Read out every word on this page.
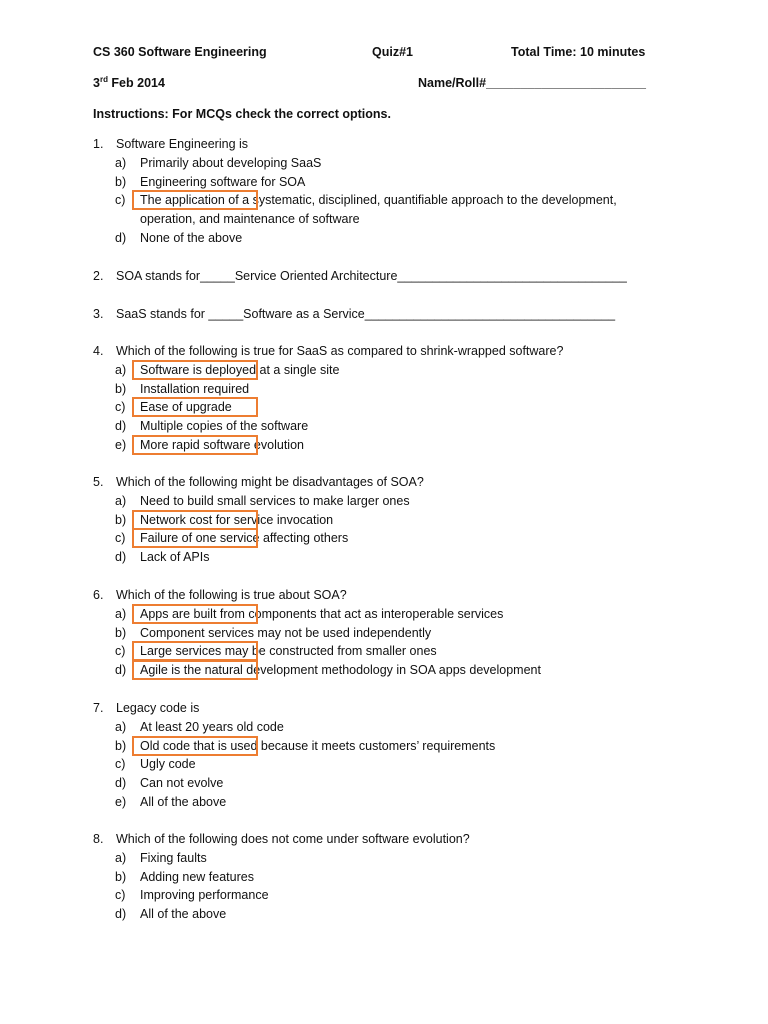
CS 360 Software Engineering	Quiz#1	Total Time: 10 minutes
3rd Feb 2014	Name/Roll#_______________________
Instructions: For MCQs check the correct options.
1. Software Engineering is
a) Primarily about developing SaaS
b) Engineering software for SOA
c) The application of a systematic, disciplined, quantifiable approach to the development,
operation, and maintenance of software
d) None of the above
2. SOA stands for_____Service Oriented Architecture_________________________________
3. SaaS stands for _____Software as a Service____________________________________
4. Which of the following is true for SaaS as compared to shrink-wrapped software?
a) Software is deployed at a single site
b) Installation required
c) Ease of upgrade
d) Multiple copies of the software
e) More rapid software evolution
5. Which of the following might be disadvantages of SOA?
a) Need to build small services to make larger ones
b) Network cost for service invocation
c) Failure of one service affecting others
d) Lack of APIs
6. Which of the following is true about SOA?
a) Apps are built from components that act as interoperable services
b) Component services may not be used independently
c) Large services may be constructed from smaller ones
d) Agile is the natural development methodology in SOA apps development
7. Legacy code is
a) At least 20 years old code
b) Old code that is used because it meets customers’ requirements
c) Ugly code
d) Can not evolve
e) All of the above
8. Which of the following does not come under software evolution?
a) Fixing faults
b) Adding new features
c) Improving performance
d) All of the above
